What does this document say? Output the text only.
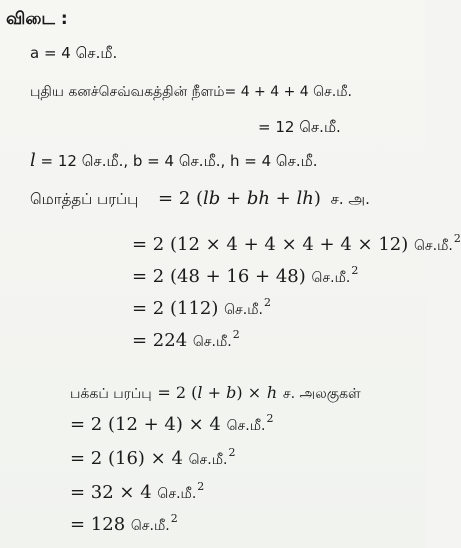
விடை :
a = 4 செ.மீ.
புதிய கனச்செவ்வகத்தின் நீளம்= 4 + 4 + 4 செ.மீ.
= 12 செ.மீ.
l = 12 செ.மீ., b = 4 செ.மீ., h = 4 செ.மீ.
மொத்தப் பரப்பு = 2 (lb + bh + lh) ச. அ.
= 2 (12 × 4 + 4 × 4 + 4 × 12) செ.மீ.$^2$
= 2 (48 + 16 + 48) செ.மீ.$^2$
= 2 (112) செ.மீ.$^2$
= 224 செ.மீ.$^2$
பக்கப் பரப்பு = 2 (l + b) × h ச. அலகுகள்
= 2 (12 + 4) × 4 செ.மீ.$^2$
= 2 (16) × 4 செ.மீ.$^2$
= 32 × 4 செ.மீ.$^2$
= 128 செ.மீ.$^2$
